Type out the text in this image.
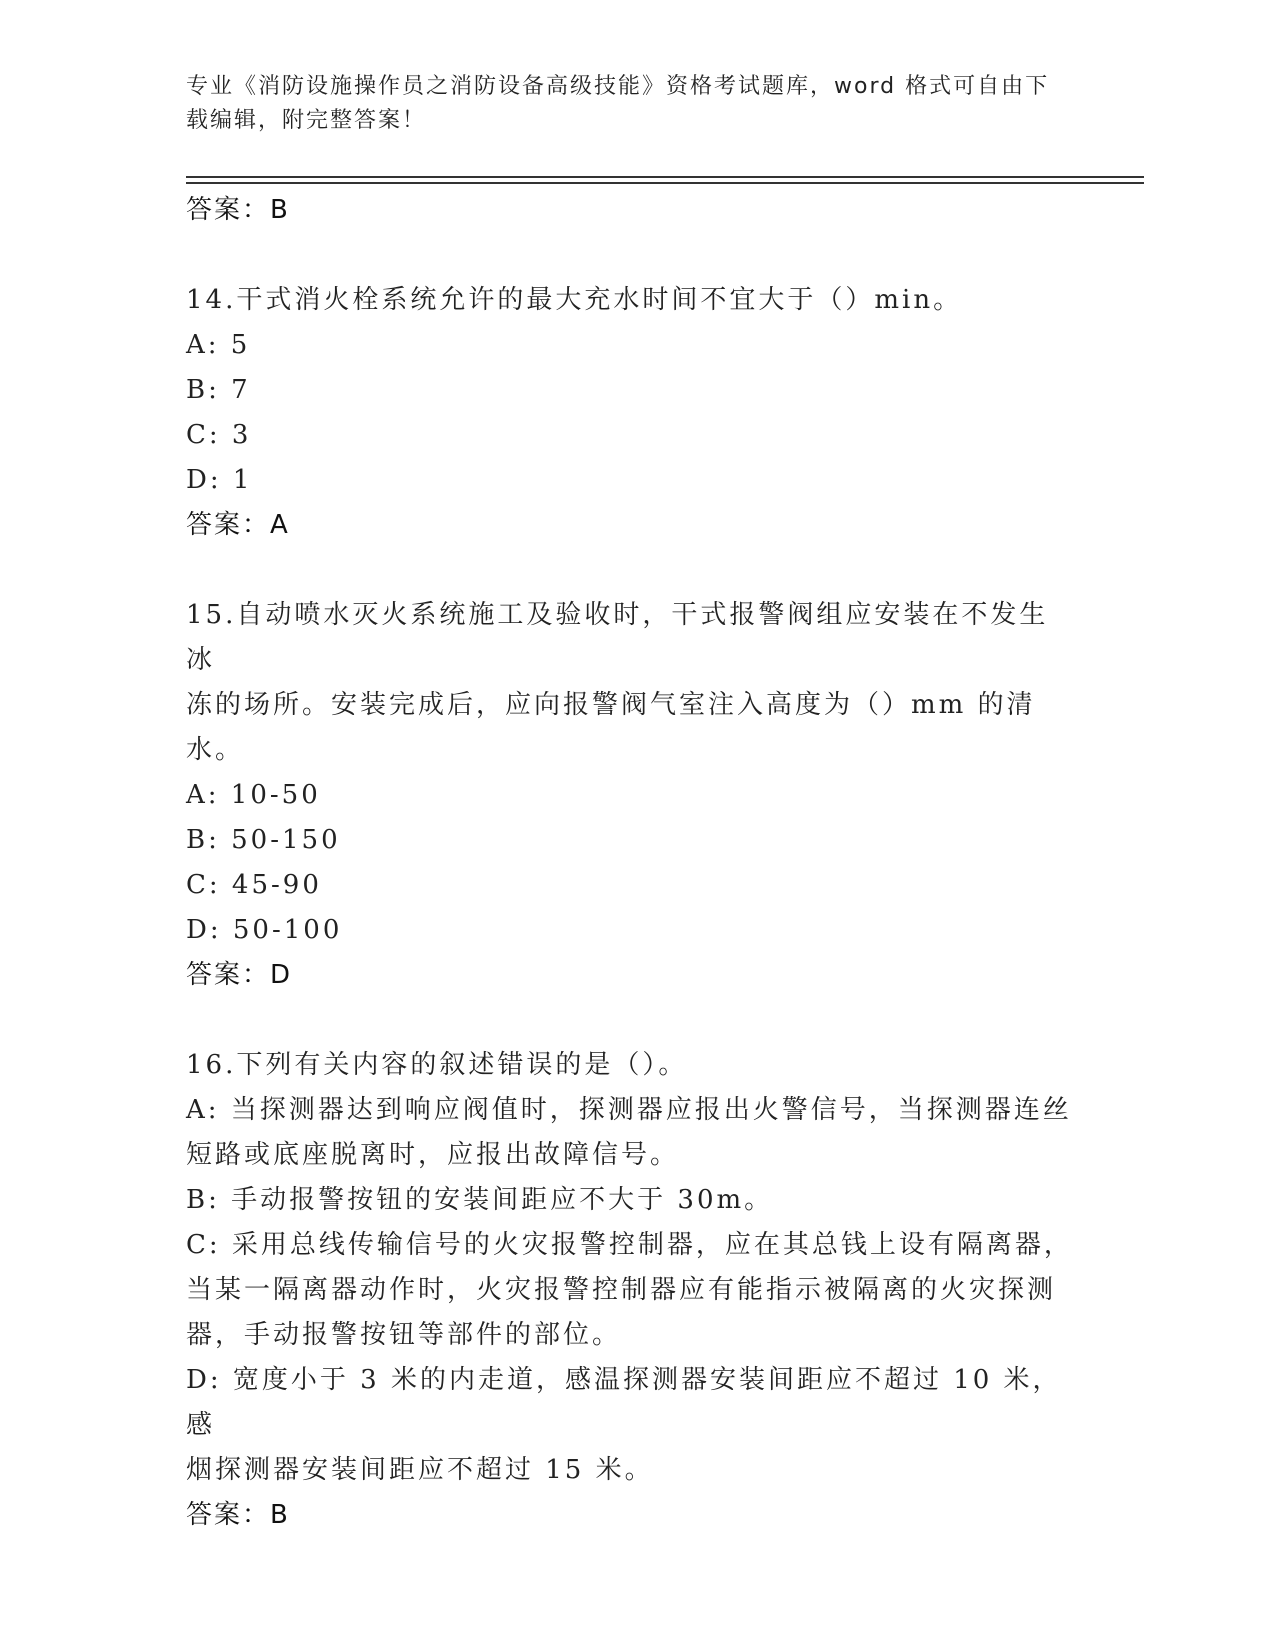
专业《消防设施操作员之消防设备高级技能》资格考试题库，word 格式可自由下
载编辑，附完整答案！
答案：B
14.干式消火栓系统允许的最大充水时间不宜大于（）min。
A: 5
B: 7
C: 3
D: 1
答案：A
15.自动喷水灭火系统施工及验收时，干式报警阀组应安装在不发生冰
冻的场所。安装完成后，应向报警阀气室注入高度为（）mm 的清水。
A: 10-50
B: 50-150
C: 45-90
D: 50-100
答案：D
16.下列有关内容的叙述错误的是（）。
A: 当探测器达到响应阀值时，探测器应报出火警信号，当探测器连丝
短路或底座脱离时，应报出故障信号。
B: 手动报警按钮的安装间距应不大于 30m。
C: 采用总线传输信号的火灾报警控制器，应在其总钱上设有隔离器，
当某一隔离器动作时，火灾报警控制器应有能指示被隔离的火灾探测
器，手动报警按钮等部件的部位。
D: 宽度小于 3 米的内走道，感温探测器安装间距应不超过 10 米，感
烟探测器安装间距应不超过 15 米。
答案：B
